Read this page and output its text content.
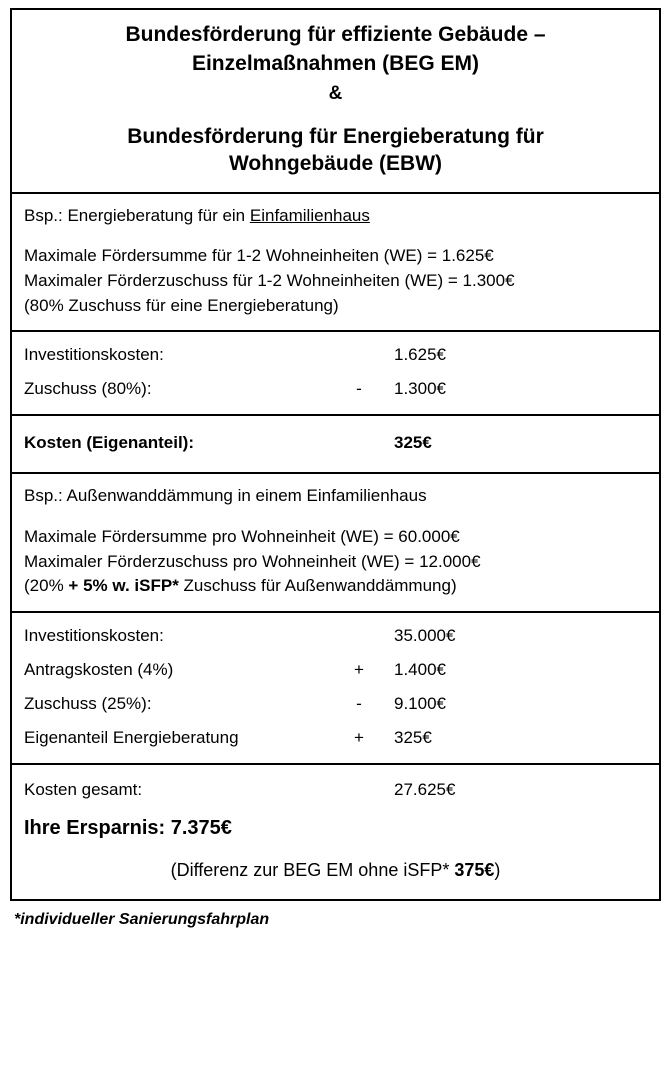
Bundesförderung für effiziente Gebäude –
Einzelmaßnahmen (BEG EM)
&
Bundesförderung für Energieberatung für
Wohngebäude (EBW)
Bsp.: Energieberatung für ein Einfamilienhaus
Maximale Fördersumme für 1-2 Wohneinheiten (WE) = 1.625€
Maximaler Förderzuschuss für 1-2 Wohneinheiten (WE) = 1.300€
(80% Zuschuss für eine Energieberatung)
Investitionskosten:	1.625€
Zuschuss (80%):	-	1.300€
Kosten (Eigenanteil):	325€
Bsp.: Außenwanddämmung in einem Einfamilienhaus
Maximale Fördersumme pro Wohneinheit (WE) = 60.000€
Maximaler Förderzuschuss pro Wohneinheit (WE) = 12.000€
(20% + 5% w. iSFP* Zuschuss für Außenwanddämmung)
Investitionskosten:	35.000€
Antragskosten (4%)	+	1.400€
Zuschuss (25%):	-	9.100€
Eigenanteil Energieberatung	+	325€
Kosten gesamt:	27.625€
Ihre Ersparnis: 7.375€
(Differenz zur BEG EM ohne iSFP* 375€)
*individueller Sanierungsfahrplan
